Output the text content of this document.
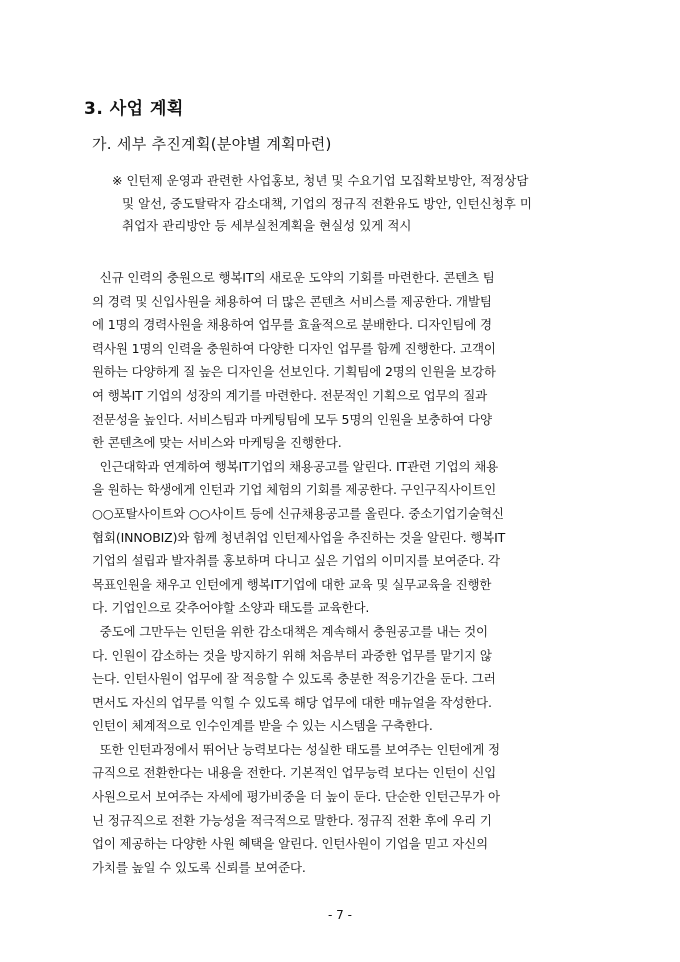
3. 사업 계획
가. 세부 추진계획(분야별 계획마련)
※ 인턴제 운영과 관련한 사업홍보, 청년 및 수요기업 모집확보방안, 적정상담
및 알선, 중도탈락자 감소대책, 기업의 정규직 전환유도 방안, 인턴신청후 미
취업자 관리방안 등 세부실천계획을 현실성 있게 적시
신규 인력의 충원으로 행복IT의 새로운 도약의 기회를 마련한다. 콘텐츠 팀
의 경력 및 신입사원을 채용하여 더 많은 콘텐츠 서비스를 제공한다. 개발팀
에 1명의 경력사원을 채용하여 업무를 효율적으로 분배한다. 디자인팀에 경
력사원 1명의 인력을 충원하여 다양한 디자인 업무를 함께 진행한다. 고객이
원하는 다양하게 질 높은 디자인을 선보인다. 기획팀에 2명의 인원을 보강하
여 행복IT 기업의 성장의 계기를 마련한다. 전문적인 기획으로 업무의 질과
전문성을 높인다. 서비스팀과 마케팅팀에 모두 5명의 인원을 보충하여 다양
한 콘텐츠에 맞는 서비스와 마케팅을 진행한다.
인근대학과 연계하여 행복IT기업의 채용공고를 알린다. IT관련 기업의 채용
을 원하는 학생에게 인턴과 기업 체험의 기회를 제공한다. 구인구직사이트인
○○포탈사이트와 ○○사이트 등에 신규채용공고를 올린다. 중소기업기술혁신
협회(INNOBIZ)와 함께 청년취업 인턴제사업을 추진하는 것을 알린다. 행복IT
기업의 설립과 발자취를 홍보하며 다니고 싶은 기업의 이미지를 보여준다. 각
목표인원을 채우고 인턴에게 행복IT기업에 대한 교육 및 실무교육을 진행한
다. 기업인으로 갖추어야할 소양과 태도를 교육한다.
중도에 그만두는 인턴을 위한 감소대책은 계속해서 충원공고를 내는 것이
다. 인원이 감소하는 것을 방지하기 위해 처음부터 과중한 업무를 맡기지 않
는다. 인턴사원이 업무에 잘 적응할 수 있도록 충분한 적응기간을 둔다. 그러
면서도 자신의 업무를 익힐 수 있도록 해당 업무에 대한 매뉴얼을 작성한다.
인턴이 체계적으로 인수인계를 받을 수 있는 시스템을 구축한다.
또한 인턴과정에서 뛰어난 능력보다는 성실한 태도를 보여주는 인턴에게 정
규직으로 전환한다는 내용을 전한다. 기본적인 업무능력 보다는 인턴이 신입
사원으로서 보여주는 자세에 평가비중을 더 높이 둔다. 단순한 인턴근무가 아
닌 정규직으로 전환 가능성을 적극적으로 말한다. 정규직 전환 후에 우리 기
업이 제공하는 다양한 사원 혜택을 알린다. 인턴사원이 기업을 믿고 자신의
가치를 높일 수 있도록 신뢰를 보여준다.
- 7 -
